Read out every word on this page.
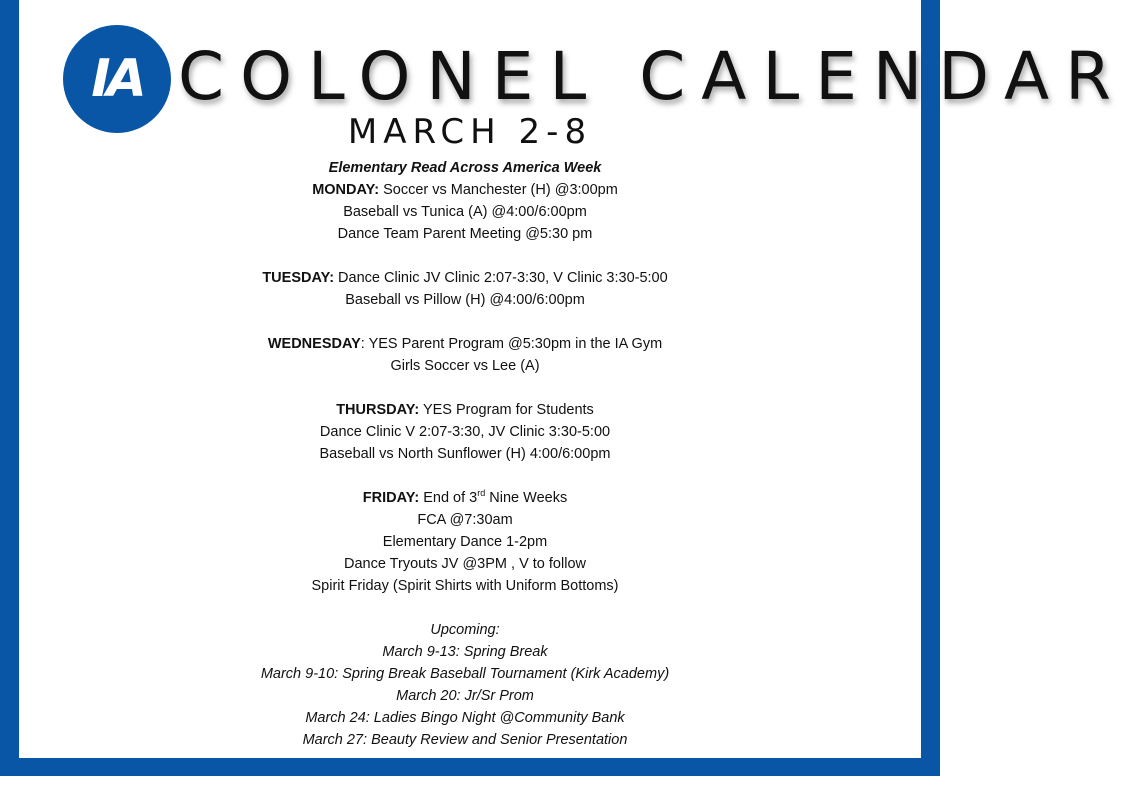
IA COLONEL CALENDAR
MARCH 2-8
Elementary Read Across America Week
MONDAY: Soccer vs Manchester (H) @3:00pm
Baseball vs Tunica (A) @4:00/6:00pm
Dance Team Parent Meeting @5:30 pm
TUESDAY: Dance Clinic JV Clinic 2:07-3:30, V Clinic 3:30-5:00
Baseball vs Pillow (H) @4:00/6:00pm
WEDNESDAY: YES Parent Program @5:30pm in the IA Gym
Girls Soccer vs Lee (A)
THURSDAY: YES Program for Students
Dance Clinic V 2:07-3:30, JV Clinic 3:30-5:00
Baseball vs North Sunflower (H) 4:00/6:00pm
FRIDAY: End of 3rd Nine Weeks
FCA @7:30am
Elementary Dance 1-2pm
Dance Tryouts JV @3PM , V to follow
Spirit Friday (Spirit Shirts with Uniform Bottoms)
Upcoming:
March 9-13: Spring Break
March 9-10: Spring Break Baseball Tournament (Kirk Academy)
March 20: Jr/Sr Prom
March 24: Ladies Bingo Night @Community Bank
March 27: Beauty Review and Senior Presentation
